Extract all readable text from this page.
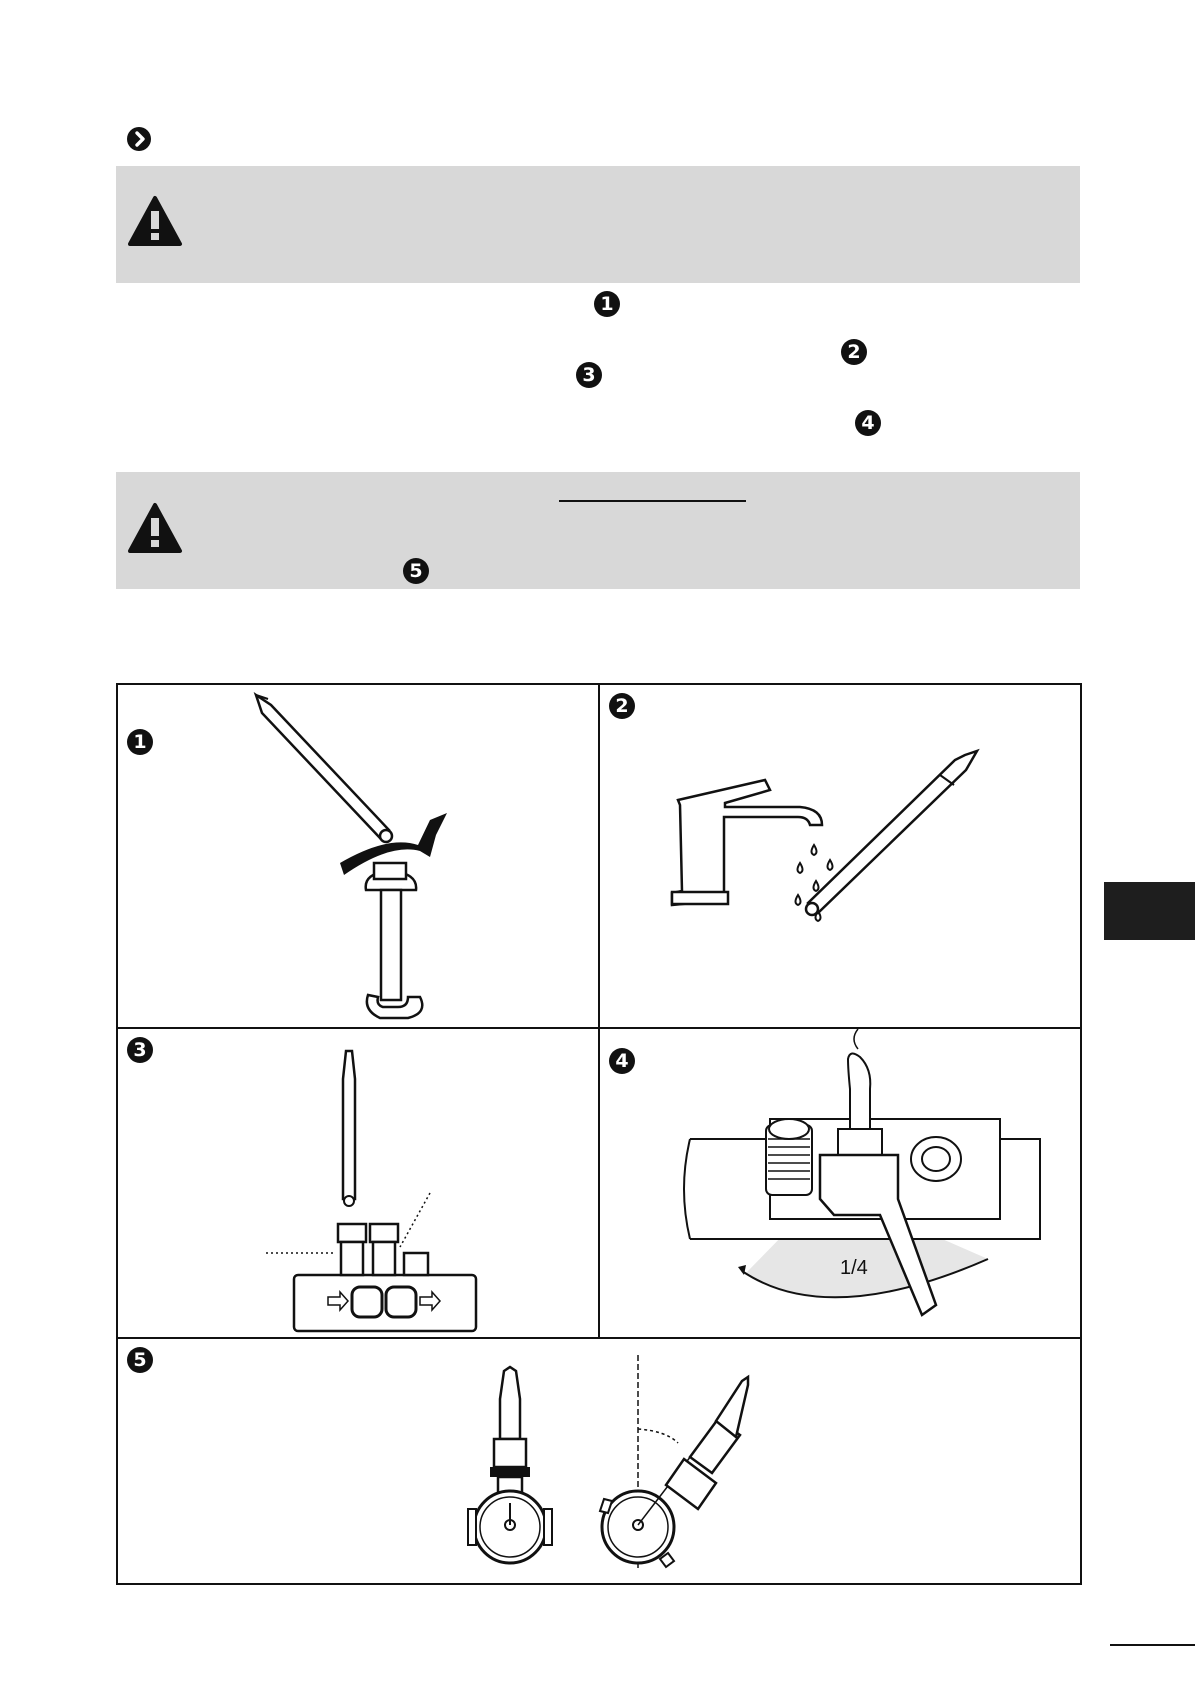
1
2
3
4
5
1
2
3	4
1/4
5
